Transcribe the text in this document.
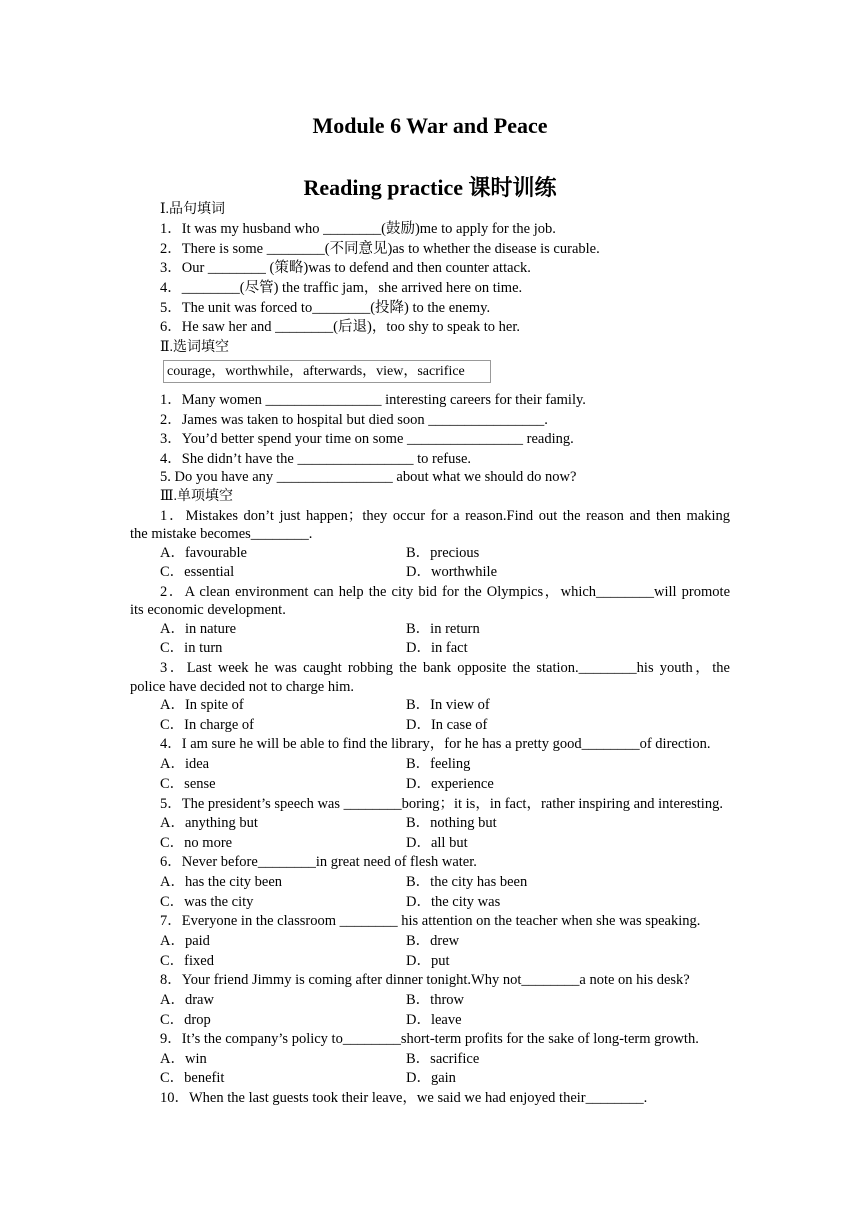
Module 6 War and Peace
Reading practice 课时训练
Ⅰ.品句填词
1．It was my husband who ________(鼓励)me to apply for the job.
2．There is some ________(不同意见)as to whether the disease is curable.
3．Our ________ (策略)was to defend and then counter attack.
4．________(尽管) the traffic jam，she arrived here on time.
5．The unit was forced to________(投降) to the enemy.
6．He saw her and ________(后退)，too shy to speak to her.
Ⅱ.选词填空
courage，worthwhile，afterwards，view，sacrifice
1．Many women ________________ interesting careers for their family.
2．James was taken to hospital but died soon ________________.
3．You’d better spend your time on some ________________ reading.
4．She didn’t have the ________________ to refuse.
5. Do you have any ________________ about what we should do now?
Ⅲ.单项填空
1．Mistakes don’t just happen；they occur for a reason.Find out the reason and then making
the mistake becomes________.
A．favourable	B．precious
C．essential	D．worthwhile
2．A clean environment can help the city bid for the Olympics，which________will promote
its economic development.
A．in nature	B．in return
C．in turn	D．in fact
3．Last week he was caught robbing the bank opposite the station.________his youth，the
police have decided not to charge him.
A．In spite of	B．In view of
C．In charge of	D．In case of
4．I am sure he will be able to find the library，for he has a pretty good________of direction.
A．idea	B．feeling
C．sense	D．experience
5．The president’s speech was ________boring；it is，in fact，rather inspiring and interesting.
A．anything but	B．nothing but
C．no more	D．all but
6．Never before________in great need of flesh water.
A．has the city been	B．the city has been
C．was the city	D．the city was
7．Everyone in the classroom ________ his attention on the teacher when she was speaking.
A．paid	B．drew
C．fixed	D．put
8．Your friend Jimmy is coming after dinner tonight.Why not________a note on his desk?
A．draw	B．throw
C．drop	D．leave
9．It’s the company’s policy to________short-term profits for the sake of long-term growth.
A．win	B．sacrifice
C．benefit	D．gain
10．When the last guests took their leave，we said we had enjoyed their________.
